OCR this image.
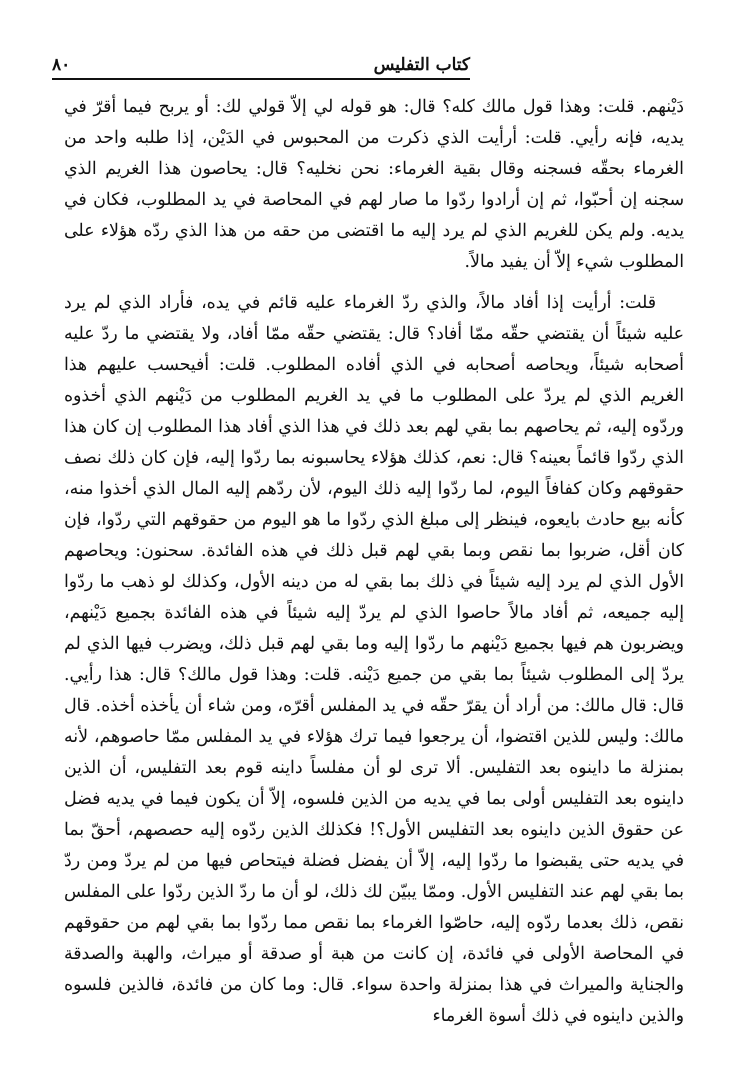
كتاب التفليس
٨٠

دَيْنهم. قلت: وهذا قول مالك كله؟ قال: هو قوله لي إلاّ قولي لك: أو يربح فيما أقرّ في يديه، فإنه رأيي. قلت: أرأيت الذي ذكرت من المحبوس في الدَيْن، إذا طلبه واحد من الغرماء بحقّه فسجنه وقال بقية الغرماء: نحن نخليه؟ قال: يحاصون هذا الغريم الذي سجنه إن أحبّوا، ثم إن أرادوا ردّوا ما صار لهم في المحاصة في يد المطلوب، فكان في يديه. ولم يكن للغريم الذي لم يرد إليه ما اقتضى من حقه من هذا الذي ردّه هؤلاء على المطلوب شيء إلاّ أن يفيد مالاً.

قلت: أرأيت إذا أفاد مالاً، والذي ردّ الغرماء عليه قائم في يده، فأراد الذي لم يرد عليه شيئاً أن يقتضي حقّه ممّا أفاد؟ قال: يقتضي حقّه ممّا أفاد، ولا يقتضي ما ردّ عليه أصحابه شيئاً، ويحاصه أصحابه في الذي أفاده المطلوب. قلت: أفيحسب عليهم هذا الغريم الذي لم يردّ على المطلوب ما في يد الغريم المطلوب من دَيْنهم الذي أخذوه وردّوه إليه، ثم يحاصهم بما بقي لهم بعد ذلك في هذا الذي أفاد هذا المطلوب إن كان هذا الذي ردّوا قائماً بعينه؟ قال: نعم، كذلك هؤلاء يحاسبونه بما ردّوا إليه، فإن كان ذلك نصف حقوقهم وكان كفافاً اليوم، لما ردّوا إليه ذلك اليوم، لأن ردّهم إليه المال الذي أخذوا منه، كأنه بيع حادث بايعوه، فينظر إلى مبلغ الذي ردّوا ما هو اليوم من حقوقهم التي ردّوا، فإن كان أقل، ضربوا بما نقص وبما بقي لهم قبل ذلك في هذه الفائدة. سحنون: ويحاصهم الأول الذي لم يرد إليه شيئاً في ذلك بما بقي له من دينه الأول، وكذلك لو ذهب ما ردّوا إليه جميعه، ثم أفاد مالاً حاصوا الذي لم يردّ إليه شيئاً في هذه الفائدة بجميع دَيْنهم، ويضربون هم فيها بجميع دَيْنهم ما ردّوا إليه وما بقي لهم قبل ذلك، ويضرب فيها الذي لم يردّ إلى المطلوب شيئاً بما بقي من جميع دَيْنه. قلت: وهذا قول مالك؟ قال: هذا رأيي. قال: قال مالك: من أراد أن يقرّ حقّه في يد المفلس أقرّه، ومن شاء أن يأخذه أخذه. قال مالك: وليس للذين اقتضوا، أن يرجعوا فيما ترك هؤلاء في يد المفلس ممّا حاصوهم، لأنه بمنزلة ما داينوه بعد التفليس. ألا ترى لو أن مفلساً داينه قوم بعد التفليس، أن الذين داينوه بعد التفليس أولى بما في يديه من الذين فلسوه، إلاّ أن يكون فيما في يديه فضل عن حقوق الذين داينوه بعد التفليس الأول؟! فكذلك الذين ردّوه إليه حصصهم، أحقّ بما في يديه حتى يقبضوا ما ردّوا إليه، إلاّ أن يفضل فضلة فيتحاص فيها من لم يردّ ومن ردّ بما بقي لهم عند التفليس الأول. وممّا يبيّن لك ذلك، لو أن ما ردّ الذين ردّوا على المفلس نقص، ذلك بعدما ردّوه إليه، حاصّوا الغرماء بما نقص مما ردّوا بما بقي لهم من حقوقهم في المحاصة الأولى في فائدة، إن كانت من هبة أو صدقة أو ميراث، والهبة والصدقة والجناية والميراث في هذا بمنزلة واحدة سواء. قال: وما كان من فائدة، فالذين فلسوه والذين داينوه في ذلك أسوة الغرماء
